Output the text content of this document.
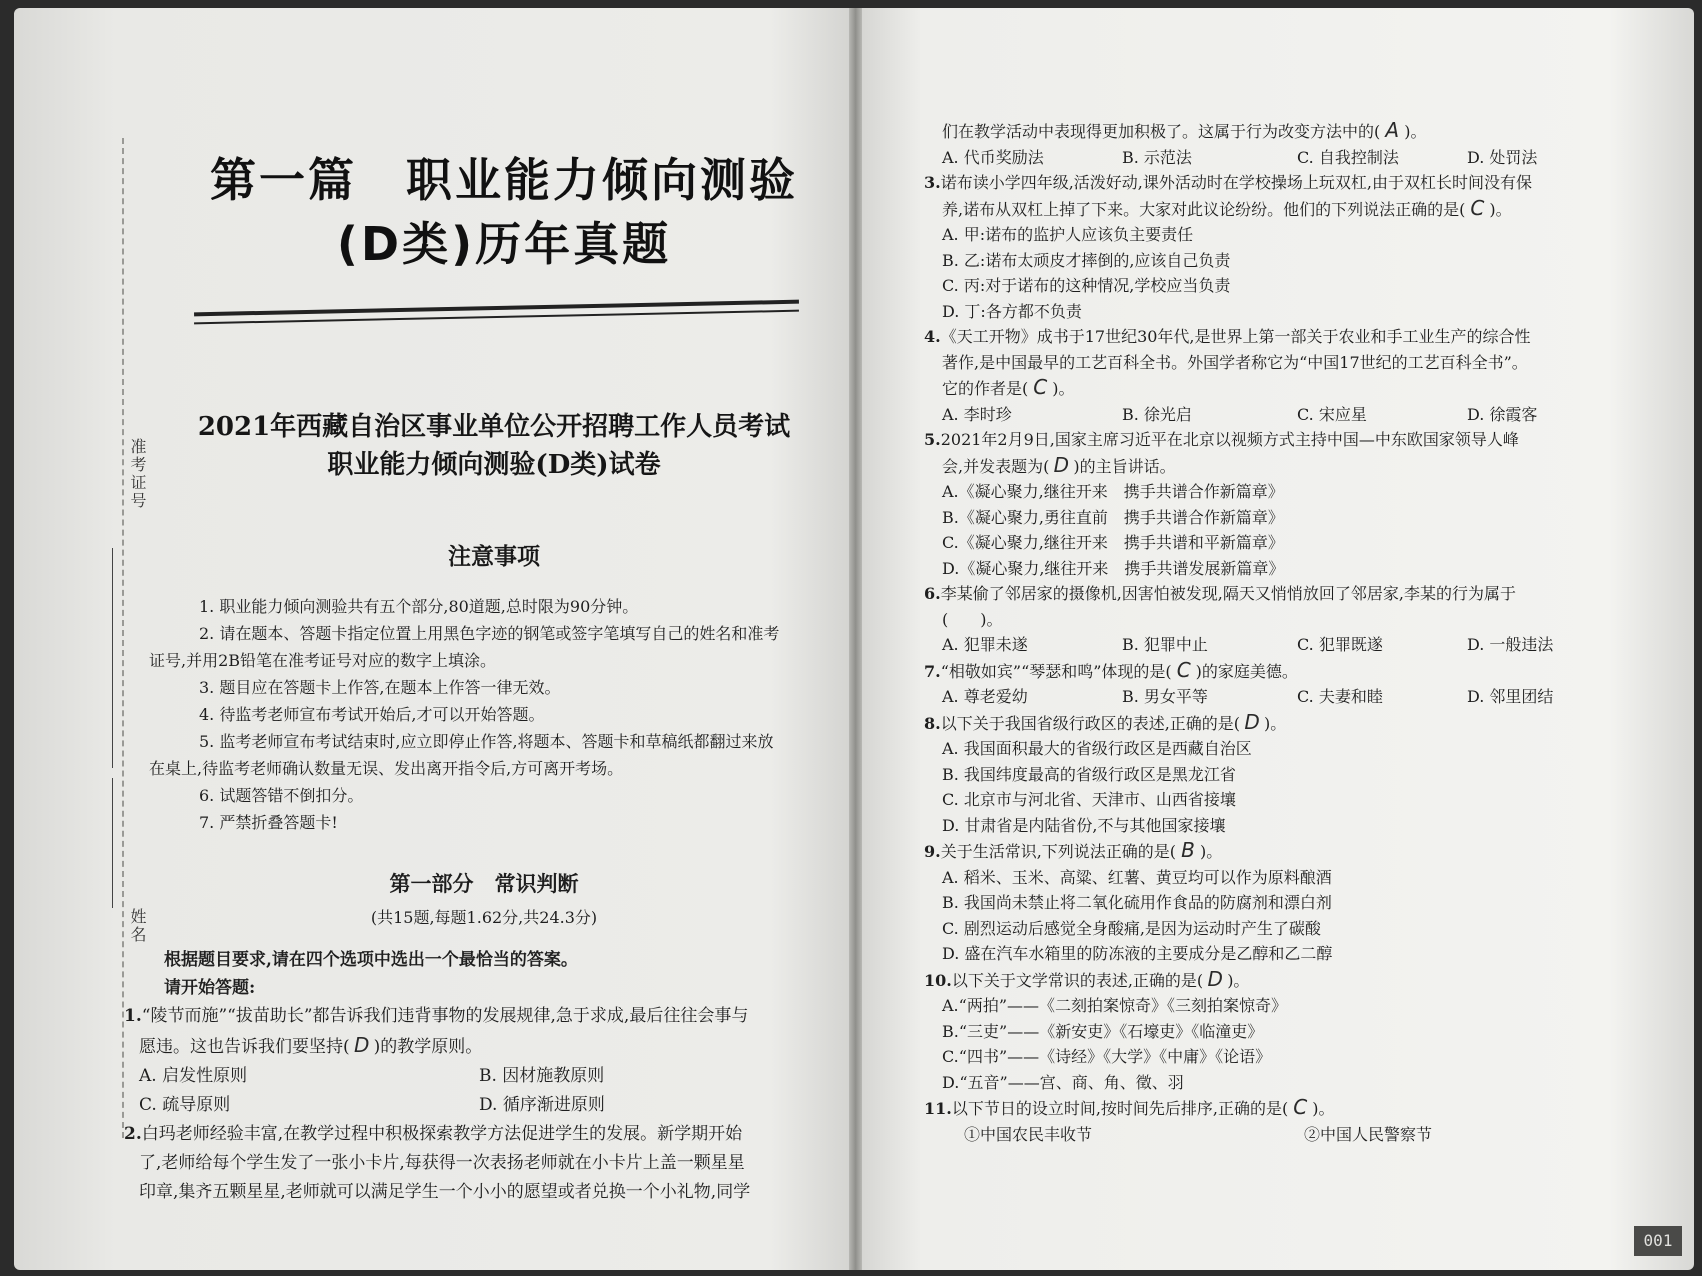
准考证号
姓名
第一篇　职业能力倾向测验
(D类)历年真题
2021年西藏自治区事业单位公开招聘工作人员考试
职业能力倾向测验(D类)试卷
注意事项

1. 职业能力倾向测验共有五个部分,80道题,总时限为90分钟。

2. 请在题本、答题卡指定位置上用黑色字迹的钢笔或签字笔填写自己的姓名和准考

证号,并用2B铅笔在准考证号对应的数字上填涂。

3. 题目应在答题卡上作答,在题本上作答一律无效。

4. 待监考老师宣布考试开始后,才可以开始答题。

5. 监考老师宣布考试结束时,应立即停止作答,将题本、答题卡和草稿纸都翻过来放

在桌上,待监考老师确认数量无误、发出离开指令后,方可离开考场。

6. 试题答错不倒扣分。

7. 严禁折叠答题卡!

第一部分　常识判断
(共15题,每题1.62分,共24.3分)

根据题目要求,请在四个选项中选出一个最恰当的答案。

请开始答题:

1.“陵节而施”“拔苗助长”都告诉我们违背事物的发展规律,急于求成,最后往往会事与

愿违。这也告诉我们要坚持( D )的教学原则。

A. 启发性原则	B. 因材施教原则
C. 疏导原则	D. 循序渐进原则

2.白玛老师经验丰富,在教学过程中积极探索教学方法促进学生的发展。新学期开始

了,老师给每个学生发了一张小卡片,每获得一次表扬老师就在小卡片上盖一颗星星

印章,集齐五颗星星,老师就可以满足学生一个小小的愿望或者兑换一个小礼物,同学

们在教学活动中表现得更加积极了。这属于行为改变方法中的( A )。

A. 代币奖励法	B. 示范法	C. 自我控制法	D. 处罚法

3.诺布读小学四年级,活泼好动,课外活动时在学校操场上玩双杠,由于双杠长时间没有保

养,诺布从双杠上掉了下来。大家对此议论纷纷。他们的下列说法正确的是( C )。

A. 甲:诺布的监护人应该负主要责任

B. 乙:诺布太顽皮才摔倒的,应该自己负责

C. 丙:对于诺布的这种情况,学校应当负责

D. 丁:各方都不负责

4.《天工开物》成书于17世纪30年代,是世界上第一部关于农业和手工业生产的综合性

著作,是中国最早的工艺百科全书。外国学者称它为“中国17世纪的工艺百科全书”。

它的作者是( C )。

A. 李时珍	B. 徐光启	C. 宋应星	D. 徐霞客

5.2021年2月9日,国家主席习近平在北京以视频方式主持中国—中东欧国家领导人峰

会,并发表题为( D )的主旨讲话。

A.《凝心聚力,继往开来　携手共谱合作新篇章》

B.《凝心聚力,勇往直前　携手共谱合作新篇章》

C.《凝心聚力,继往开来　携手共谱和平新篇章》

D.《凝心聚力,继往开来　携手共谱发展新篇章》

6.李某偷了邻居家的摄像机,因害怕被发现,隔天又悄悄放回了邻居家,李某的行为属于

(　　)。

A. 犯罪未遂	B. 犯罪中止	C. 犯罪既遂	D. 一般违法

7.“相敬如宾”“琴瑟和鸣”体现的是( C )的家庭美德。

A. 尊老爱幼	B. 男女平等	C. 夫妻和睦	D. 邻里团结

8.以下关于我国省级行政区的表述,正确的是( D )。

A. 我国面积最大的省级行政区是西藏自治区

B. 我国纬度最高的省级行政区是黑龙江省

C. 北京市与河北省、天津市、山西省接壤

D. 甘肃省是内陆省份,不与其他国家接壤

9.关于生活常识,下列说法正确的是( B )。

A. 稻米、玉米、高粱、红薯、黄豆均可以作为原料酿酒

B. 我国尚未禁止将二氧化硫用作食品的防腐剂和漂白剂

C. 剧烈运动后感觉全身酸痛,是因为运动时产生了碳酸

D. 盛在汽车水箱里的防冻液的主要成分是乙醇和乙二醇

10.以下关于文学常识的表述,正确的是( D )。

A.“两拍”——《二刻拍案惊奇》《三刻拍案惊奇》

B.“三吏”——《新安吏》《石壕吏》《临潼吏》

C.“四书”——《诗经》《大学》《中庸》《论语》

D.“五音”——宫、商、角、徵、羽

11.以下节日的设立时间,按时间先后排序,正确的是( C )。

①中国农民丰收节	②中国人民警察节
001
